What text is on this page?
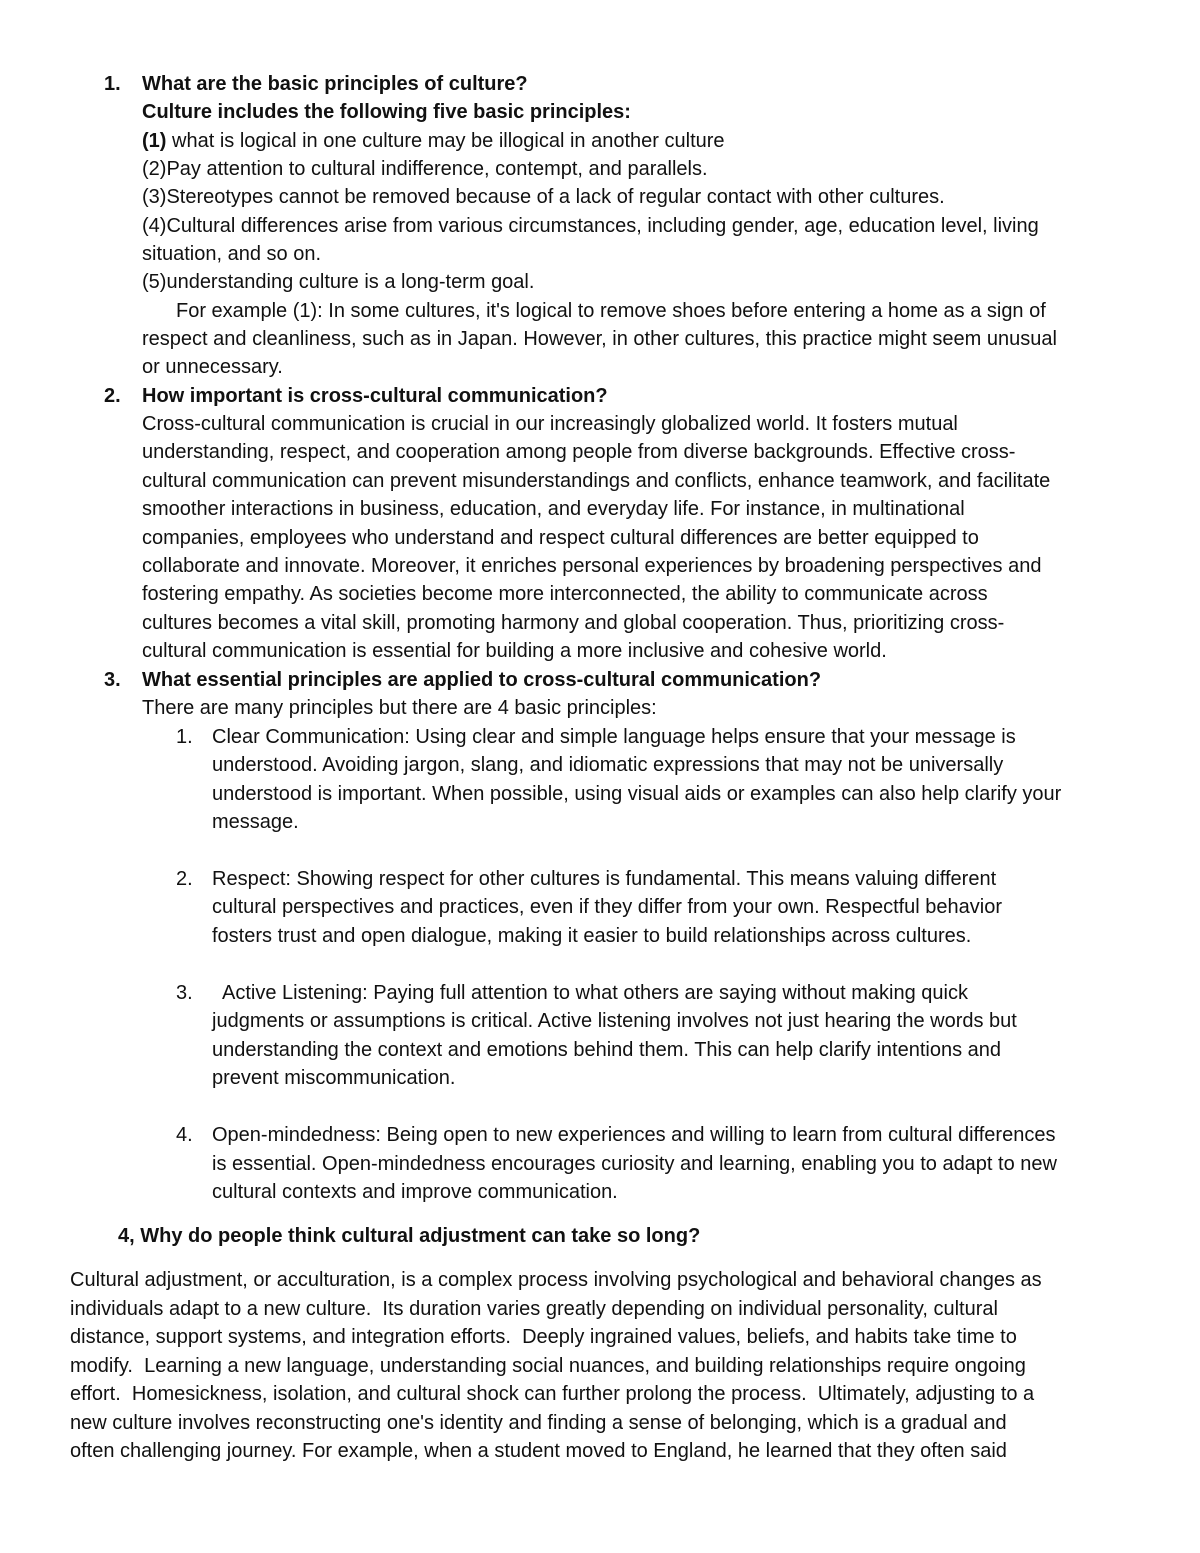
1. What are the basic principles of culture?
Culture includes the following five basic principles:
(1) what is logical in one culture may be illogical in another culture
(2)Pay attention to cultural indifference, contempt, and parallels.
(3)Stereotypes cannot be removed because of a lack of regular contact with other cultures.
(4)Cultural differences arise from various circumstances, including gender, age, education level, living
situation, and so on.
(5)understanding culture is a long-term goal.
For example (1): In some cultures, it's logical to remove shoes before entering a home as a sign of
respect and cleanliness, such as in Japan. However, in other cultures, this practice might seem unusual
or unnecessary.
2. How important is cross-cultural communication?
Cross-cultural communication is crucial in our increasingly globalized world. It fosters mutual
understanding, respect, and cooperation among people from diverse backgrounds. Effective cross-
cultural communication can prevent misunderstandings and conflicts, enhance teamwork, and facilitate
smoother interactions in business, education, and everyday life. For instance, in multinational
companies, employees who understand and respect cultural differences are better equipped to
collaborate and innovate. Moreover, it enriches personal experiences by broadening perspectives and
fostering empathy. As societies become more interconnected, the ability to communicate across
cultures becomes a vital skill, promoting harmony and global cooperation. Thus, prioritizing cross-
cultural communication is essential for building a more inclusive and cohesive world.
3. What essential principles are applied to cross-cultural communication?
There are many principles but there are 4 basic principles:
1. Clear Communication: Using clear and simple language helps ensure that your message is
understood. Avoiding jargon, slang, and idiomatic expressions that may not be universally
understood is important. When possible, using visual aids or examples can also help clarify your
message.
2. Respect: Showing respect for other cultures is fundamental. This means valuing different
cultural perspectives and practices, even if they differ from your own. Respectful behavior
fosters trust and open dialogue, making it easier to build relationships across cultures.
3. Active Listening: Paying full attention to what others are saying without making quick
judgments or assumptions is critical. Active listening involves not just hearing the words but
understanding the context and emotions behind them. This can help clarify intentions and
prevent miscommunication.
4. Open-mindedness: Being open to new experiences and willing to learn from cultural differences
is essential. Open-mindedness encourages curiosity and learning, enabling you to adapt to new
cultural contexts and improve communication.
4, Why do people think cultural adjustment can take so long?
Cultural adjustment, or acculturation, is a complex process involving psychological and behavioral changes as
individuals adapt to a new culture.  Its duration varies greatly depending on individual personality, cultural
distance, support systems, and integration efforts.  Deeply ingrained values, beliefs, and habits take time to
modify.  Learning a new language, understanding social nuances, and building relationships require ongoing
effort.  Homesickness, isolation, and cultural shock can further prolong the process.  Ultimately, adjusting to a
new culture involves reconstructing one's identity and finding a sense of belonging, which is a gradual and
often challenging journey. For example, when a student moved to England, he learned that they often said
